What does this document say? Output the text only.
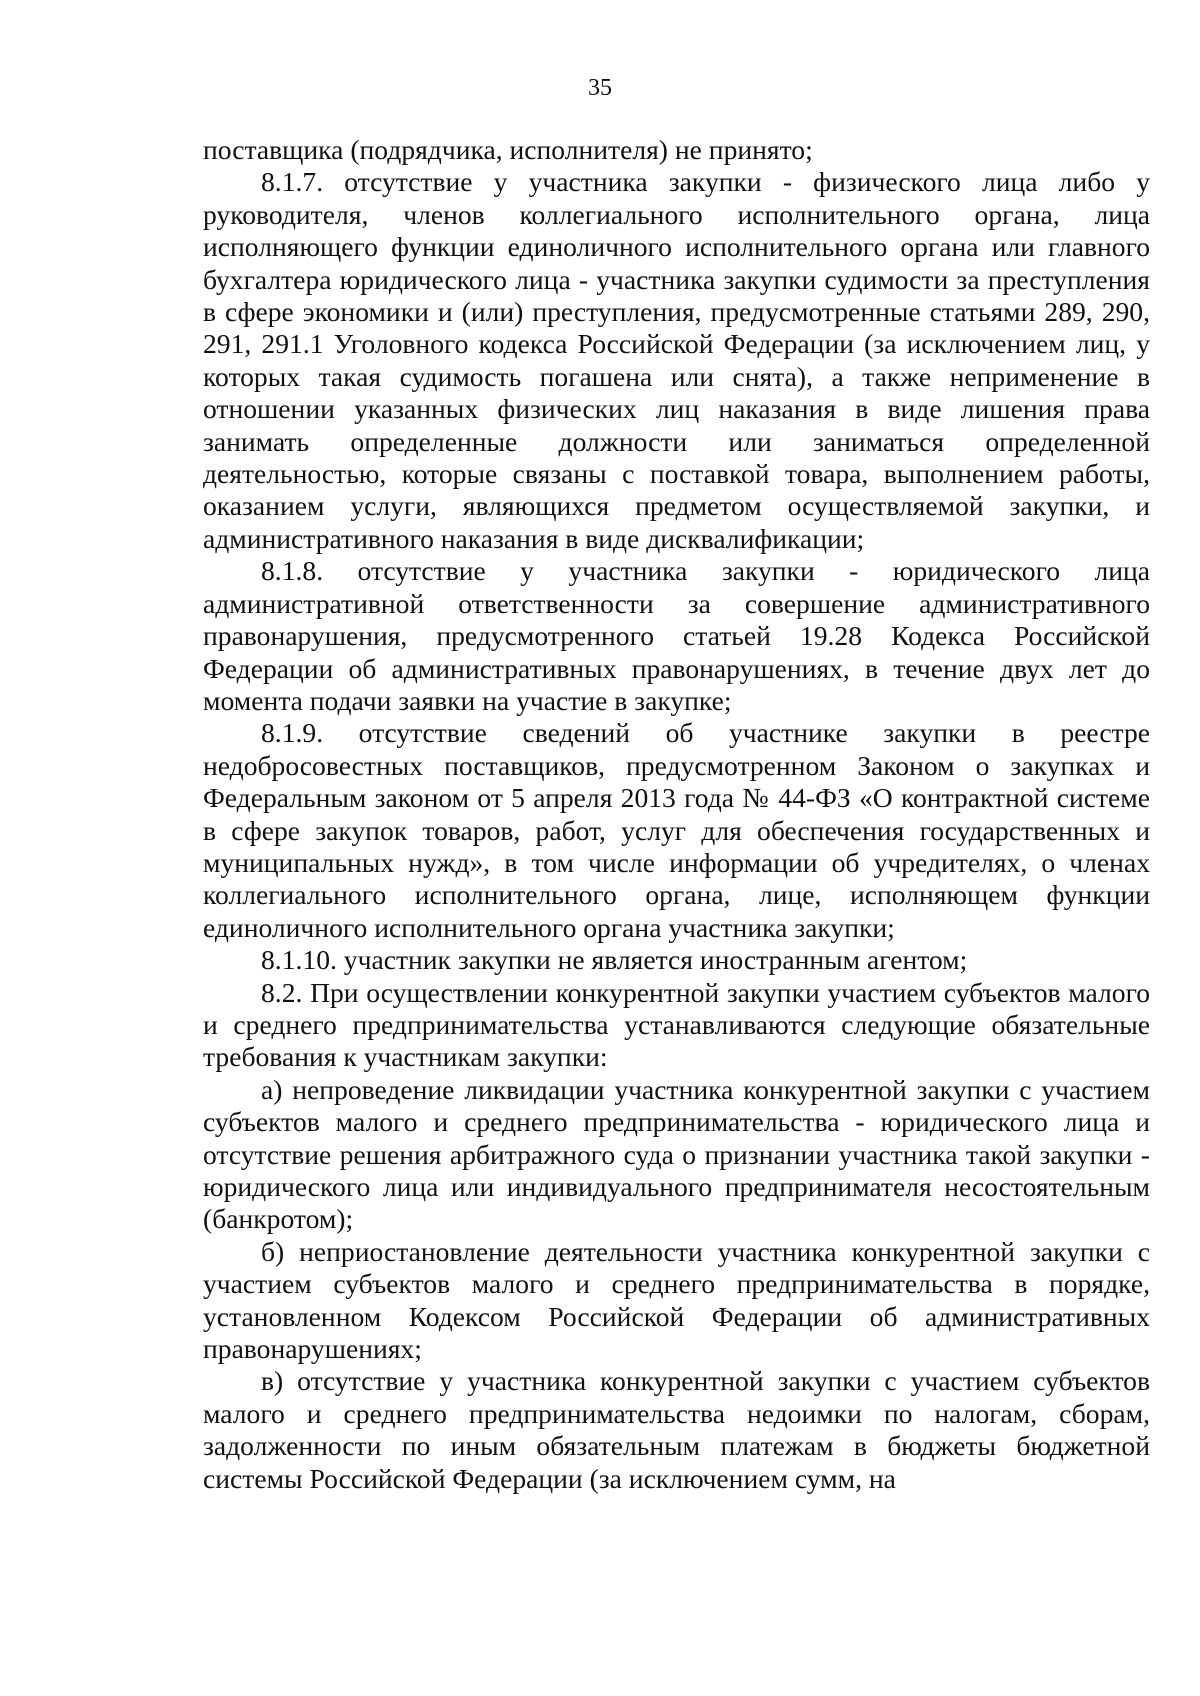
35

поставщика (подрядчика, исполнителя) не принято;

8.1.7. отсутствие у участника закупки - физического лица либо у руководителя, членов коллегиального исполнительного органа, лица исполняющего функции единоличного исполнительного органа или главного бухгалтера юридического лица - участника закупки судимости за преступления в сфере экономики и (или) преступления, предусмотренные статьями 289, 290, 291, 291.1 Уголовного кодекса Российской Федерации (за исключением лиц, у которых такая судимость погашена или снята), а также неприменение в отношении указанных физических лиц наказания в виде лишения права занимать определенные должности или заниматься определенной деятельностью, которые связаны с поставкой товара, выполнением работы, оказанием услуги, являющихся предметом осуществляемой закупки, и административного наказания в виде дисквалификации;

8.1.8. отсутствие у участника закупки - юридического лица административной ответственности за совершение административного правонарушения, предусмотренного статьей 19.28 Кодекса Российской Федерации об административных правонарушениях, в течение двух лет до момента подачи заявки на участие в закупке;

8.1.9. отсутствие сведений об участнике закупки в реестре недобросовестных поставщиков, предусмотренном Законом о закупках и Федеральным законом от 5 апреля 2013 года № 44-ФЗ «О контрактной системе в сфере закупок товаров, работ, услуг для обеспечения государственных и муниципальных нужд», в том числе информации об учредителях, о членах коллегиального исполнительного органа, лице, исполняющем функции единоличного исполнительного органа участника закупки;

8.1.10. участник закупки не является иностранным агентом;

8.2. При осуществлении конкурентной закупки участием субъектов малого и среднего предпринимательства устанавливаются следующие обязательные требования к участникам закупки:

а) непроведение ликвидации участника конкурентной закупки с участием субъектов малого и среднего предпринимательства - юридического лица и отсутствие решения арбитражного суда о признании участника такой закупки - юридического лица или индивидуального предпринимателя несостоятельным (банкротом);

б) неприостановление деятельности участника конкурентной закупки с участием субъектов малого и среднего предпринимательства в порядке, установленном Кодексом Российской Федерации об административных правонарушениях;

в) отсутствие у участника конкурентной закупки с участием субъектов малого и среднего предпринимательства недоимки по налогам, сборам, задолженности по иным обязательным платежам в бюджеты бюджетной системы Российской Федерации (за исключением сумм, на
